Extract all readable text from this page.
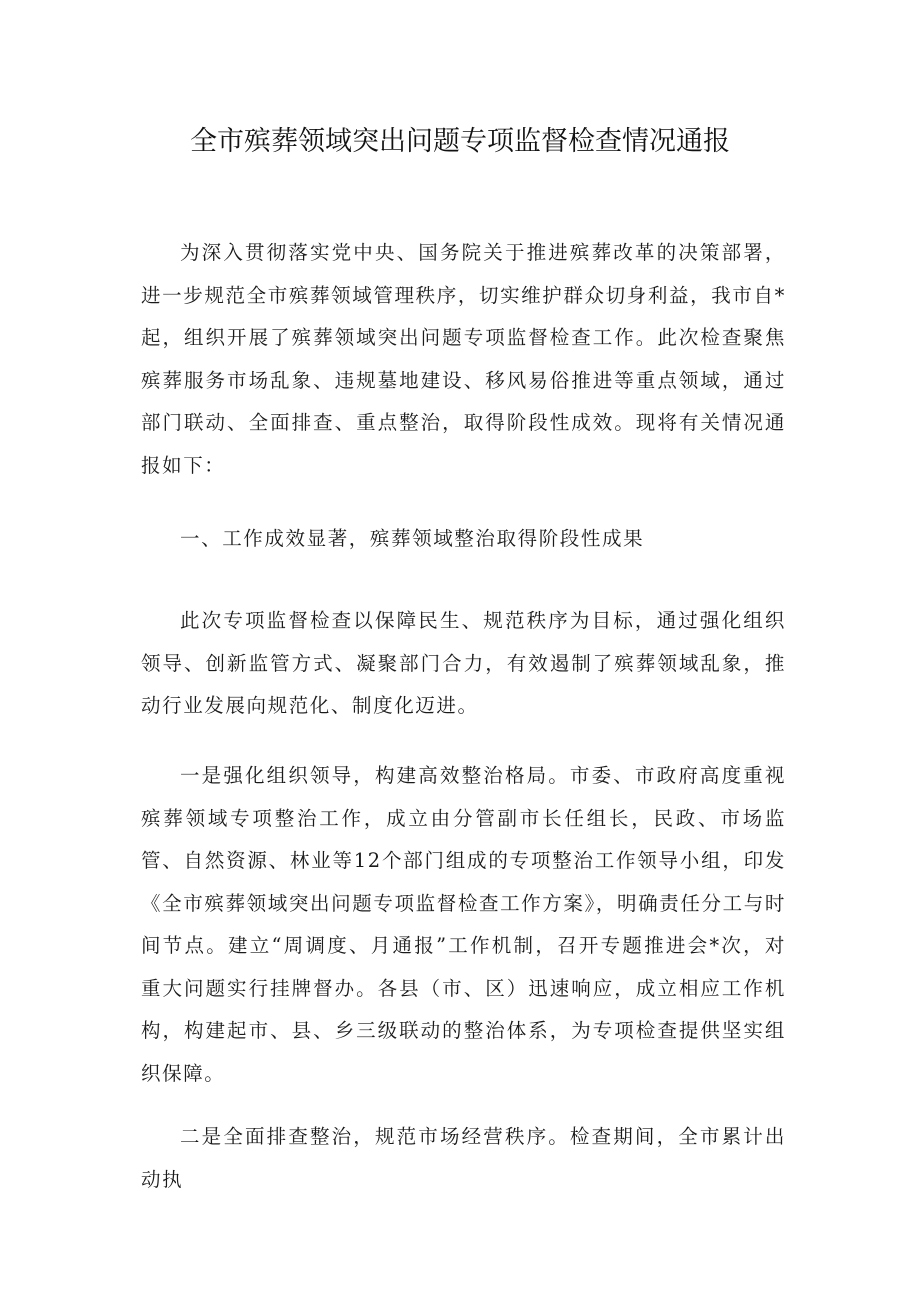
全市殡葬领域突出问题专项监督检查情况通报

为深入贯彻落实党中央、国务院关于推进殡葬改革的决策部署，进一步规范全市殡葬领域管理秩序，切实维护群众切身利益，我市自*起，组织开展了殡葬领域突出问题专项监督检查工作。此次检查聚焦殡葬服务市场乱象、违规墓地建设、移风易俗推进等重点领域，通过部门联动、全面排查、重点整治，取得阶段性成效。现将有关情况通报如下：

一、工作成效显著，殡葬领域整治取得阶段性成果

此次专项监督检查以保障民生、规范秩序为目标，通过强化组织领导、创新监管方式、凝聚部门合力，有效遏制了殡葬领域乱象，推动行业发展向规范化、制度化迈进。

一是强化组织领导，构建高效整治格局。市委、市政府高度重视殡葬领域专项整治工作，成立由分管副市长任组长，民政、市场监管、自然资源、林业等12个部门组成的专项整治工作领导小组，印发《全市殡葬领域突出问题专项监督检查工作方案》，明确责任分工与时间节点。建立“周调度、月通报”工作机制，召开专题推进会*次，对重大问题实行挂牌督办。各县（市、区）迅速响应，成立相应工作机构，构建起市、县、乡三级联动的整治体系，为专项检查提供坚实组织保障。

二是全面排查整治，规范市场经营秩序。检查期间，全市累计出动执
